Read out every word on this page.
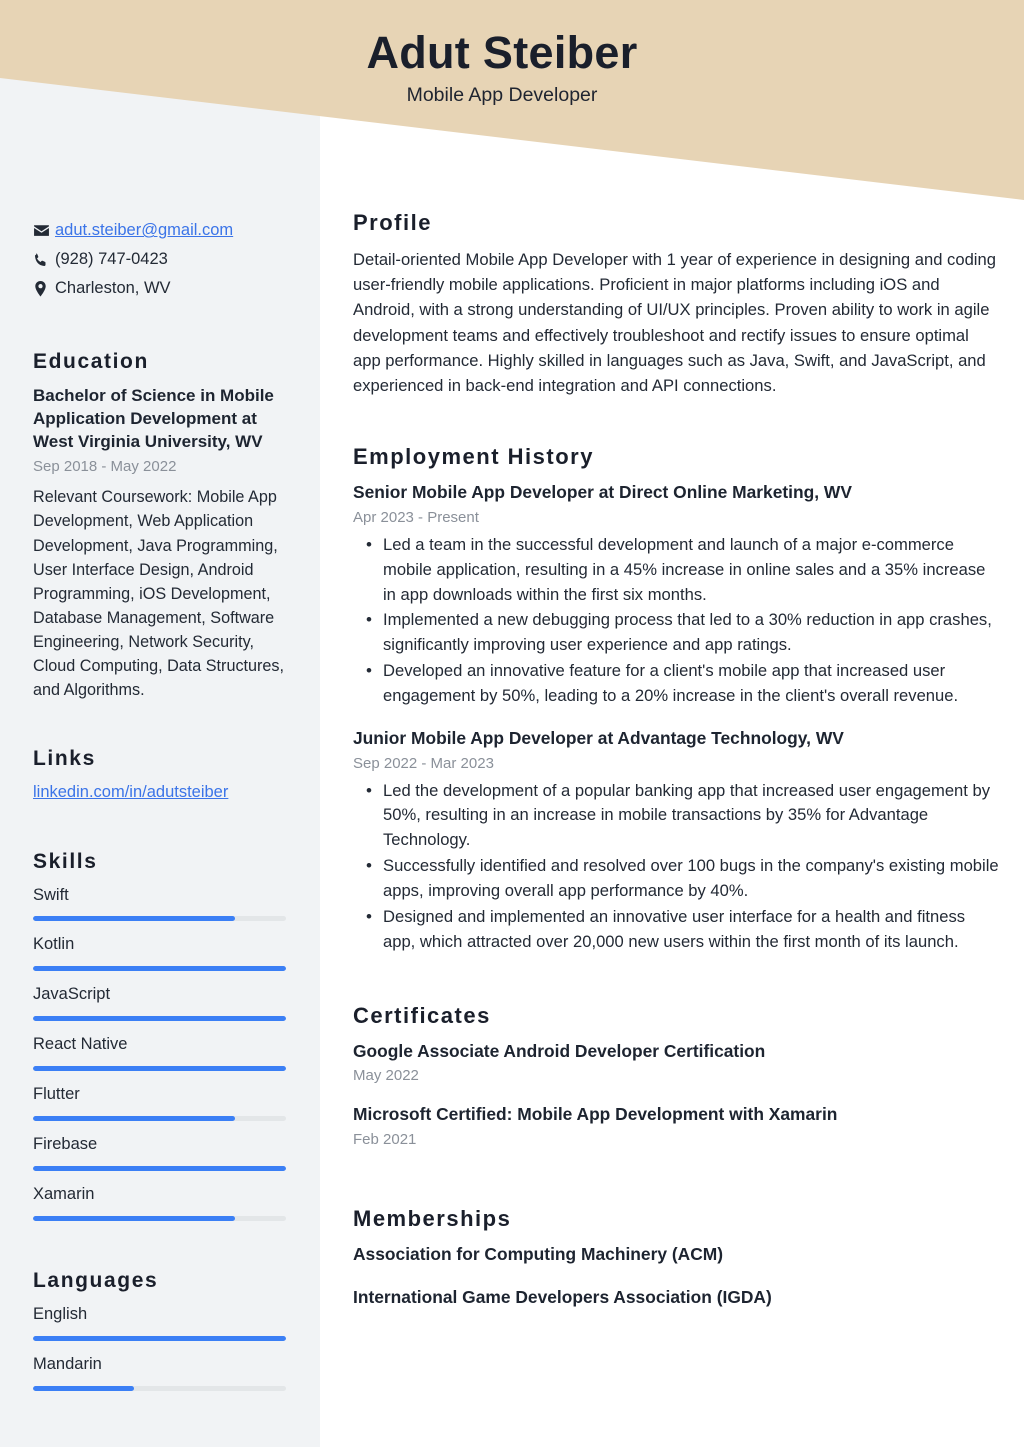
Adut Steiber
Mobile App Developer
adut.steiber@gmail.com
(928) 747-0423
Charleston, WV
Education
Bachelor of Science in Mobile Application Development at West Virginia University, WV
Sep 2018 - May 2022
Relevant Coursework: Mobile App Development, Web Application Development, Java Programming, User Interface Design, Android Programming, iOS Development, Database Management, Software Engineering, Network Security, Cloud Computing, Data Structures, and Algorithms.
Links
linkedin.com/in/adutsteiber
Skills
Swift
Kotlin
JavaScript
React Native
Flutter
Firebase
Xamarin
Languages
English
Mandarin
Profile
Detail-oriented Mobile App Developer with 1 year of experience in designing and coding user-friendly mobile applications. Proficient in major platforms including iOS and Android, with a strong understanding of UI/UX principles. Proven ability to work in agile development teams and effectively troubleshoot and rectify issues to ensure optimal app performance. Highly skilled in languages such as Java, Swift, and JavaScript, and experienced in back-end integration and API connections.
Employment History
Senior Mobile App Developer at Direct Online Marketing, WV
Apr 2023 - Present
• Led a team in the successful development and launch of a major e-commerce mobile application, resulting in a 45% increase in online sales and a 35% increase in app downloads within the first six months.
• Implemented a new debugging process that led to a 30% reduction in app crashes, significantly improving user experience and app ratings.
• Developed an innovative feature for a client's mobile app that increased user engagement by 50%, leading to a 20% increase in the client's overall revenue.
Junior Mobile App Developer at Advantage Technology, WV
Sep 2022 - Mar 2023
• Led the development of a popular banking app that increased user engagement by 50%, resulting in an increase in mobile transactions by 35% for Advantage Technology.
• Successfully identified and resolved over 100 bugs in the company's existing mobile apps, improving overall app performance by 40%.
• Designed and implemented an innovative user interface for a health and fitness app, which attracted over 20,000 new users within the first month of its launch.
Certificates
Google Associate Android Developer Certification
May 2022
Microsoft Certified: Mobile App Development with Xamarin
Feb 2021
Memberships
Association for Computing Machinery (ACM)
International Game Developers Association (IGDA)
